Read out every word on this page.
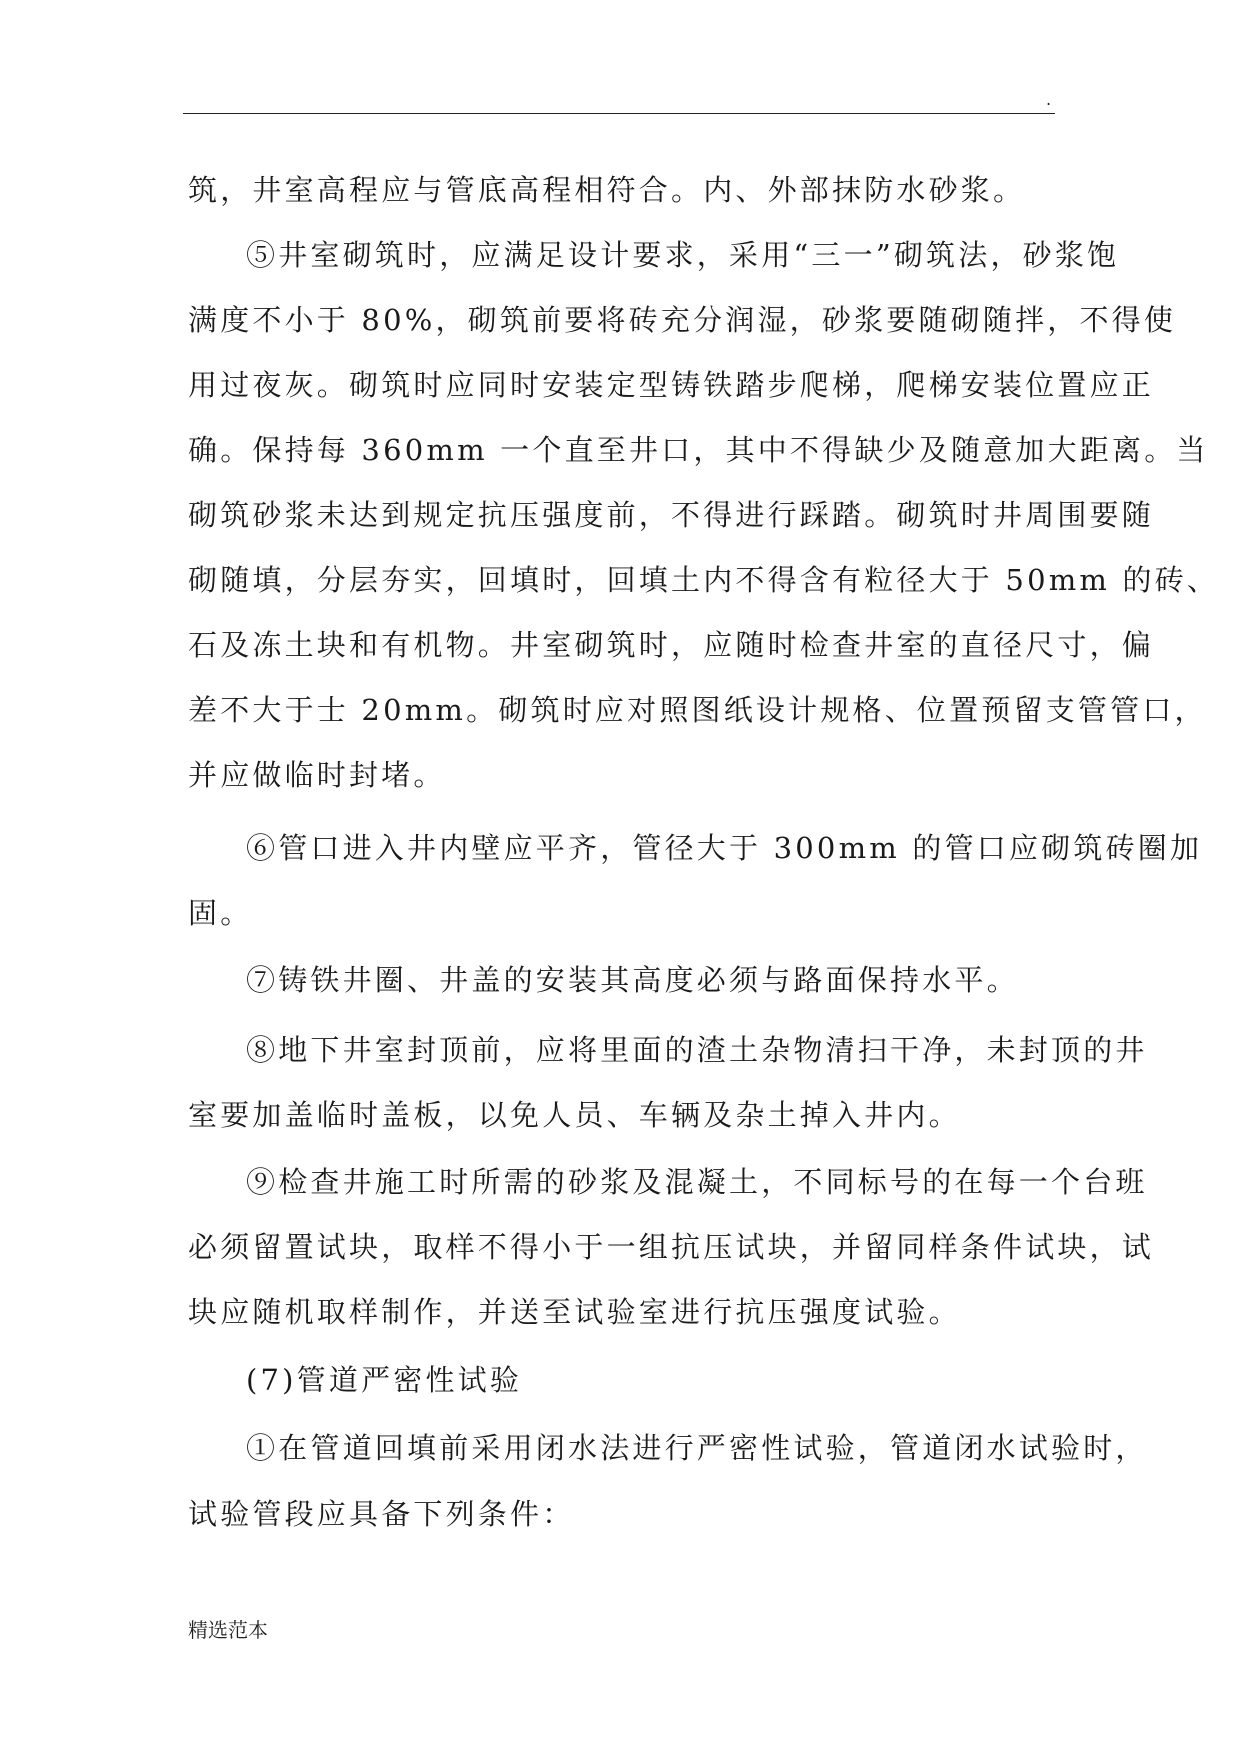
.
筑，井室高程应与管底高程相符合。内、外部抹防水砂浆。
⑤井室砌筑时，应满足设计要求，采用“三一”砌筑法，砂浆饱
满度不小于 80%，砌筑前要将砖充分润湿，砂浆要随砌随拌，不得使
用过夜灰。砌筑时应同时安装定型铸铁踏步爬梯，爬梯安装位置应正
确。保持每 360mm 一个直至井口，其中不得缺少及随意加大距离。当
砌筑砂浆未达到规定抗压强度前，不得进行踩踏。砌筑时井周围要随
砌随填，分层夯实，回填时，回填土内不得含有粒径大于 50mm 的砖、
石及冻土块和有机物。井室砌筑时，应随时检查井室的直径尺寸，偏
差不大于士 20mm。砌筑时应对照图纸设计规格、位置预留支管管口，
并应做临时封堵。
⑥管口进入井内壁应平齐，管径大于 300mm 的管口应砌筑砖圈加
固。
⑦铸铁井圈、井盖的安装其高度必须与路面保持水平。
⑧地下井室封顶前，应将里面的渣土杂物清扫干净，未封顶的井
室要加盖临时盖板，以免人员、车辆及杂土掉入井内。
⑨检查井施工时所需的砂浆及混凝土，不同标号的在每一个台班
必须留置试块，取样不得小于一组抗压试块，并留同样条件试块，试
块应随机取样制作，并送至试验室进行抗压强度试验。
(7)管道严密性试验
①在管道回填前采用闭水法进行严密性试验，管道闭水试验时，
试验管段应具备下列条件：
精选范本
